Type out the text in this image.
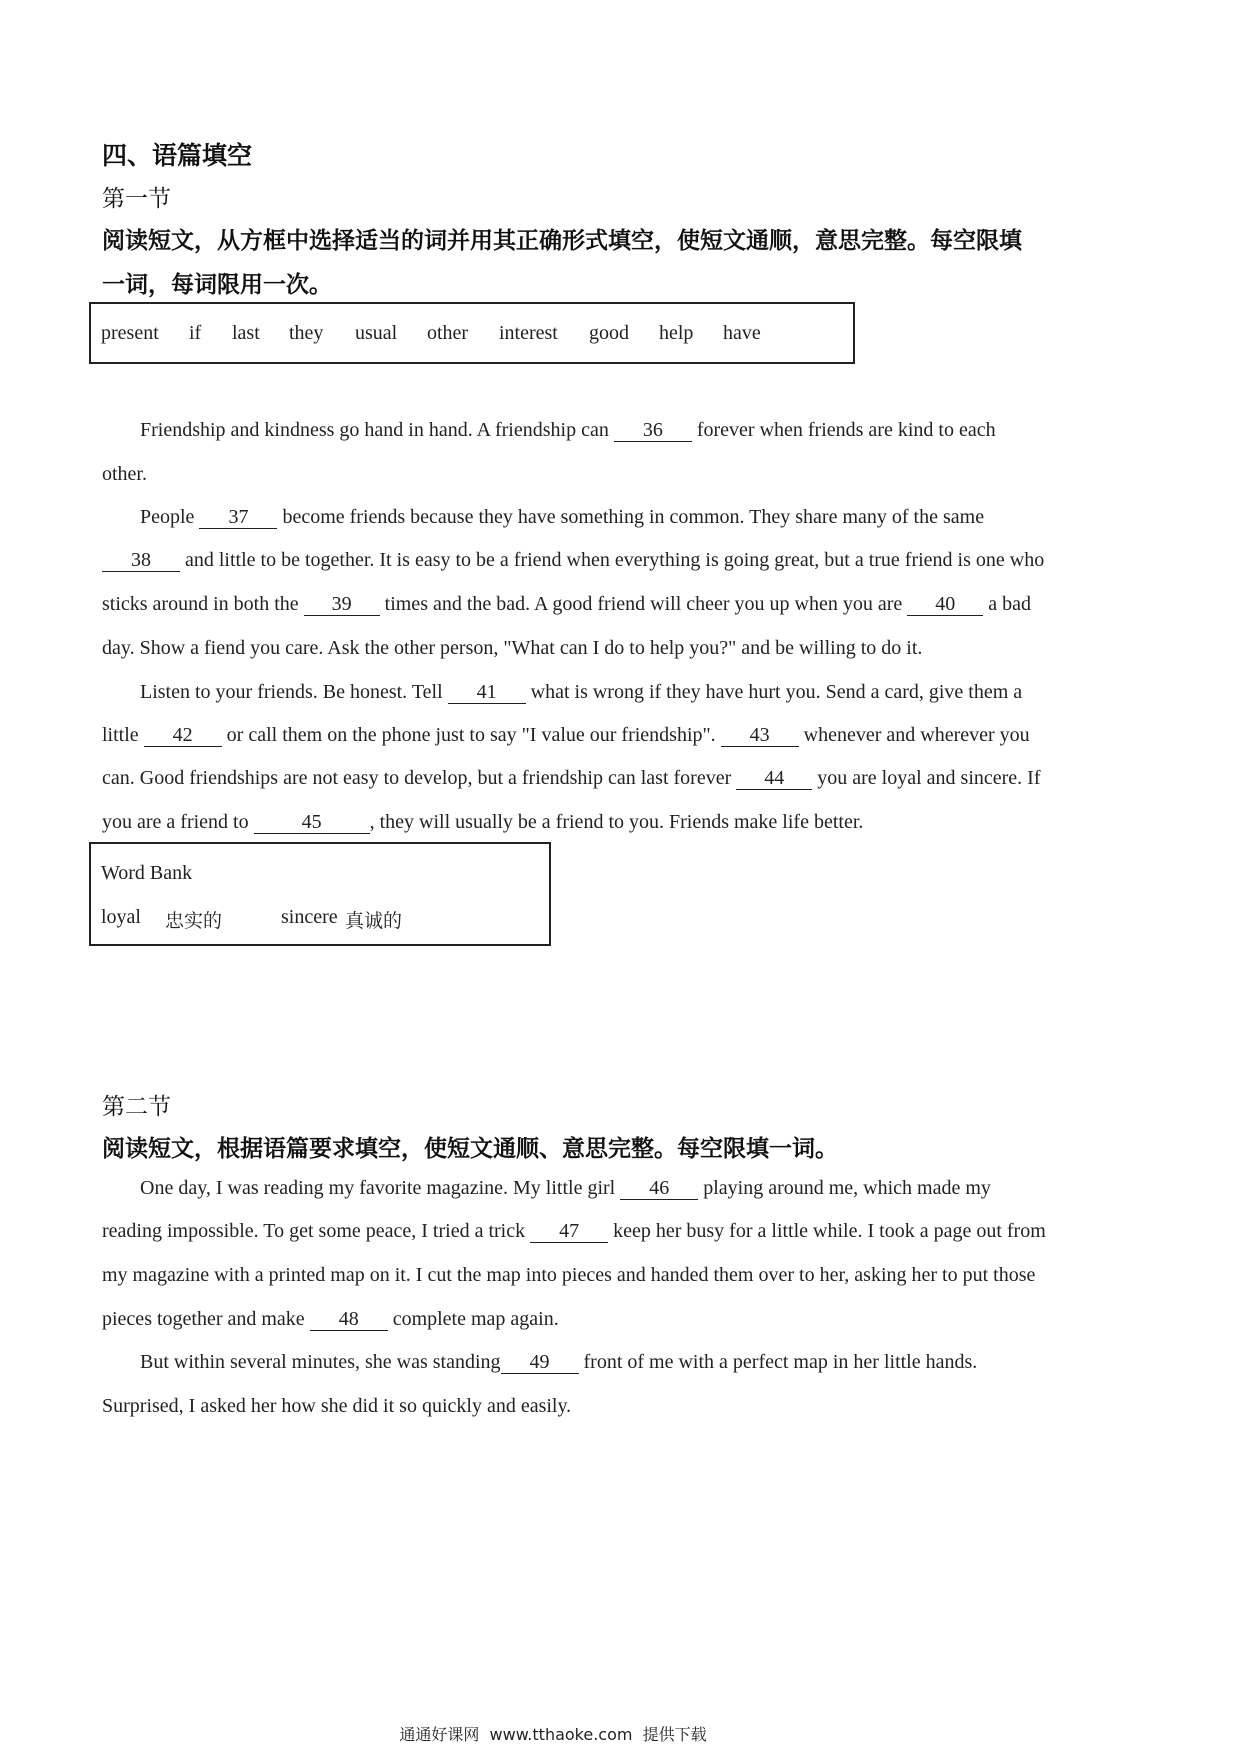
四、语篇填空
第一节
阅读短文，从方框中选择适当的词并用其正确形式填空，使短文通顺，意思完整。每空限填
一词，每词限用一次。
present if last they usual other interest good help have
Friendship and kindness go hand in hand. A friendship can 36 forever when friends are kind to each
other.
People 37 become friends because they have something in common. They share many of the same
38 and little to be together. It is easy to be a friend when everything is going great, but a true friend is one who
sticks around in both the 39 times and the bad. A good friend will cheer you up when you are 40 a bad
day. Show a fiend you care. Ask the other person, "What can I do to help you?" and be willing to do it.
Listen to your friends. Be honest. Tell 41 what is wrong if they have hurt you. Send a card, give them a
little 42 or call them on the phone just to say "I value our friendship". 43 whenever and wherever you
can. Good friendships are not easy to develop, but a friendship can last forever 44 you are loyal and sincere. If
you are a friend to	45 , they will usually be a friend to you. Friends make life better.
Word Bank
loyal 忠实的	sincere 真诚的
第二节
阅读短文，根据语篇要求填空，使短文通顺、意思完整。每空限填一词。
One day, I was reading my favorite magazine. My little girl 46 playing around me, which made my
reading impossible. To get some peace, I tried a trick 47 keep her busy for a little while. I took a page out from
my magazine with a printed map on it. I cut the map into pieces and handed them over to her, asking her to put those
pieces together and make 48 complete map again.
But within several minutes, she was standing 49 front of me with a perfect map in her little hands.
Surprised, I asked her how she did it so quickly and easily.
通通好课网  www.tthaoke.com  提供下载
